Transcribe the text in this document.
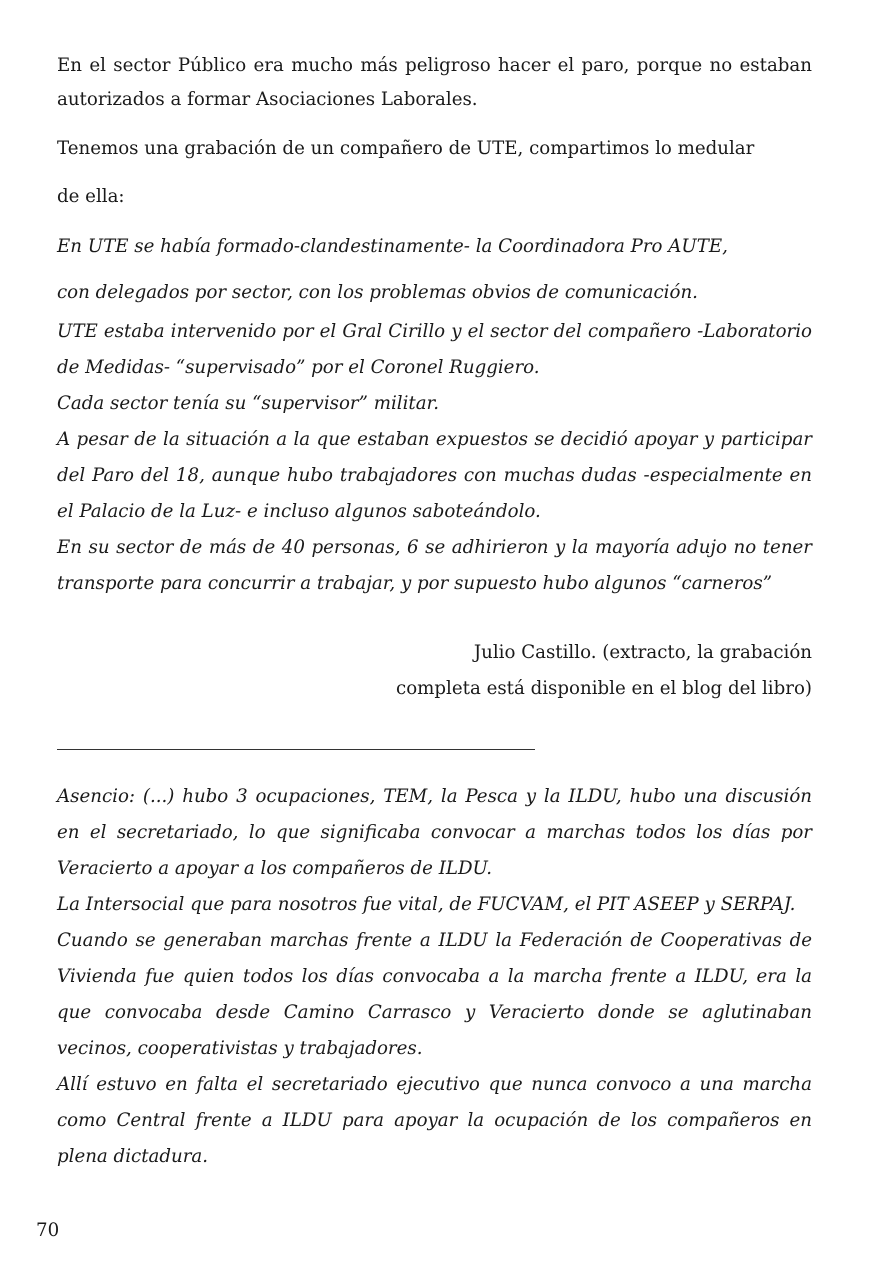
En el sector Público era mucho más peligroso hacer el paro, porque no estaban autorizados a formar Asociaciones Laborales.

Tenemos una grabación de un compañero de UTE, compartimos lo medular

de ella:

En UTE se había formado-clandestinamente- la Coordinadora Pro AUTE,

con delegados por sector, con los problemas obvios de comunicación.

UTE estaba intervenido por el Gral Cirillo y el sector del compañero -Laboratorio de Medidas- “supervisado” por el Coronel Ruggiero.

Cada sector tenía su “supervisor” militar.

A pesar de la situación a la que estaban expuestos se decidió apoyar y participar del Paro del 18, aunque hubo trabajadores con muchas dudas -especialmente en el Palacio de la Luz- e incluso algunos saboteándolo.

En su sector de más de 40 personas, 6 se adhirieron y la mayoría adujo no tener transporte para concurrir a trabajar, y por supuesto hubo algunos “carneros”

Julio Castillo. (extracto, la grabación
completa está disponible en el blog del libro)

Asencio: (...) hubo 3 ocupaciones, TEM, la Pesca y la ILDU, hubo una discusión en el secretariado, lo que significaba convocar a marchas todos los días por Veracierto a apoyar a los compañeros de ILDU.

La Intersocial que para nosotros fue vital, de FUCVAM, el PIT ASEEP y SERPAJ.

Cuando se generaban marchas frente a ILDU la Federación de Cooperativas de Vivienda fue quien todos los días convocaba a la marcha frente a ILDU, era la que convocaba desde Camino Carrasco y Veracierto donde se aglutinaban vecinos, cooperativistas y trabajadores.

Allí estuvo en falta el secretariado ejecutivo que nunca convoco a una marcha como Central frente a ILDU para apoyar la ocupación de los compañeros en plena dictadura.

70
